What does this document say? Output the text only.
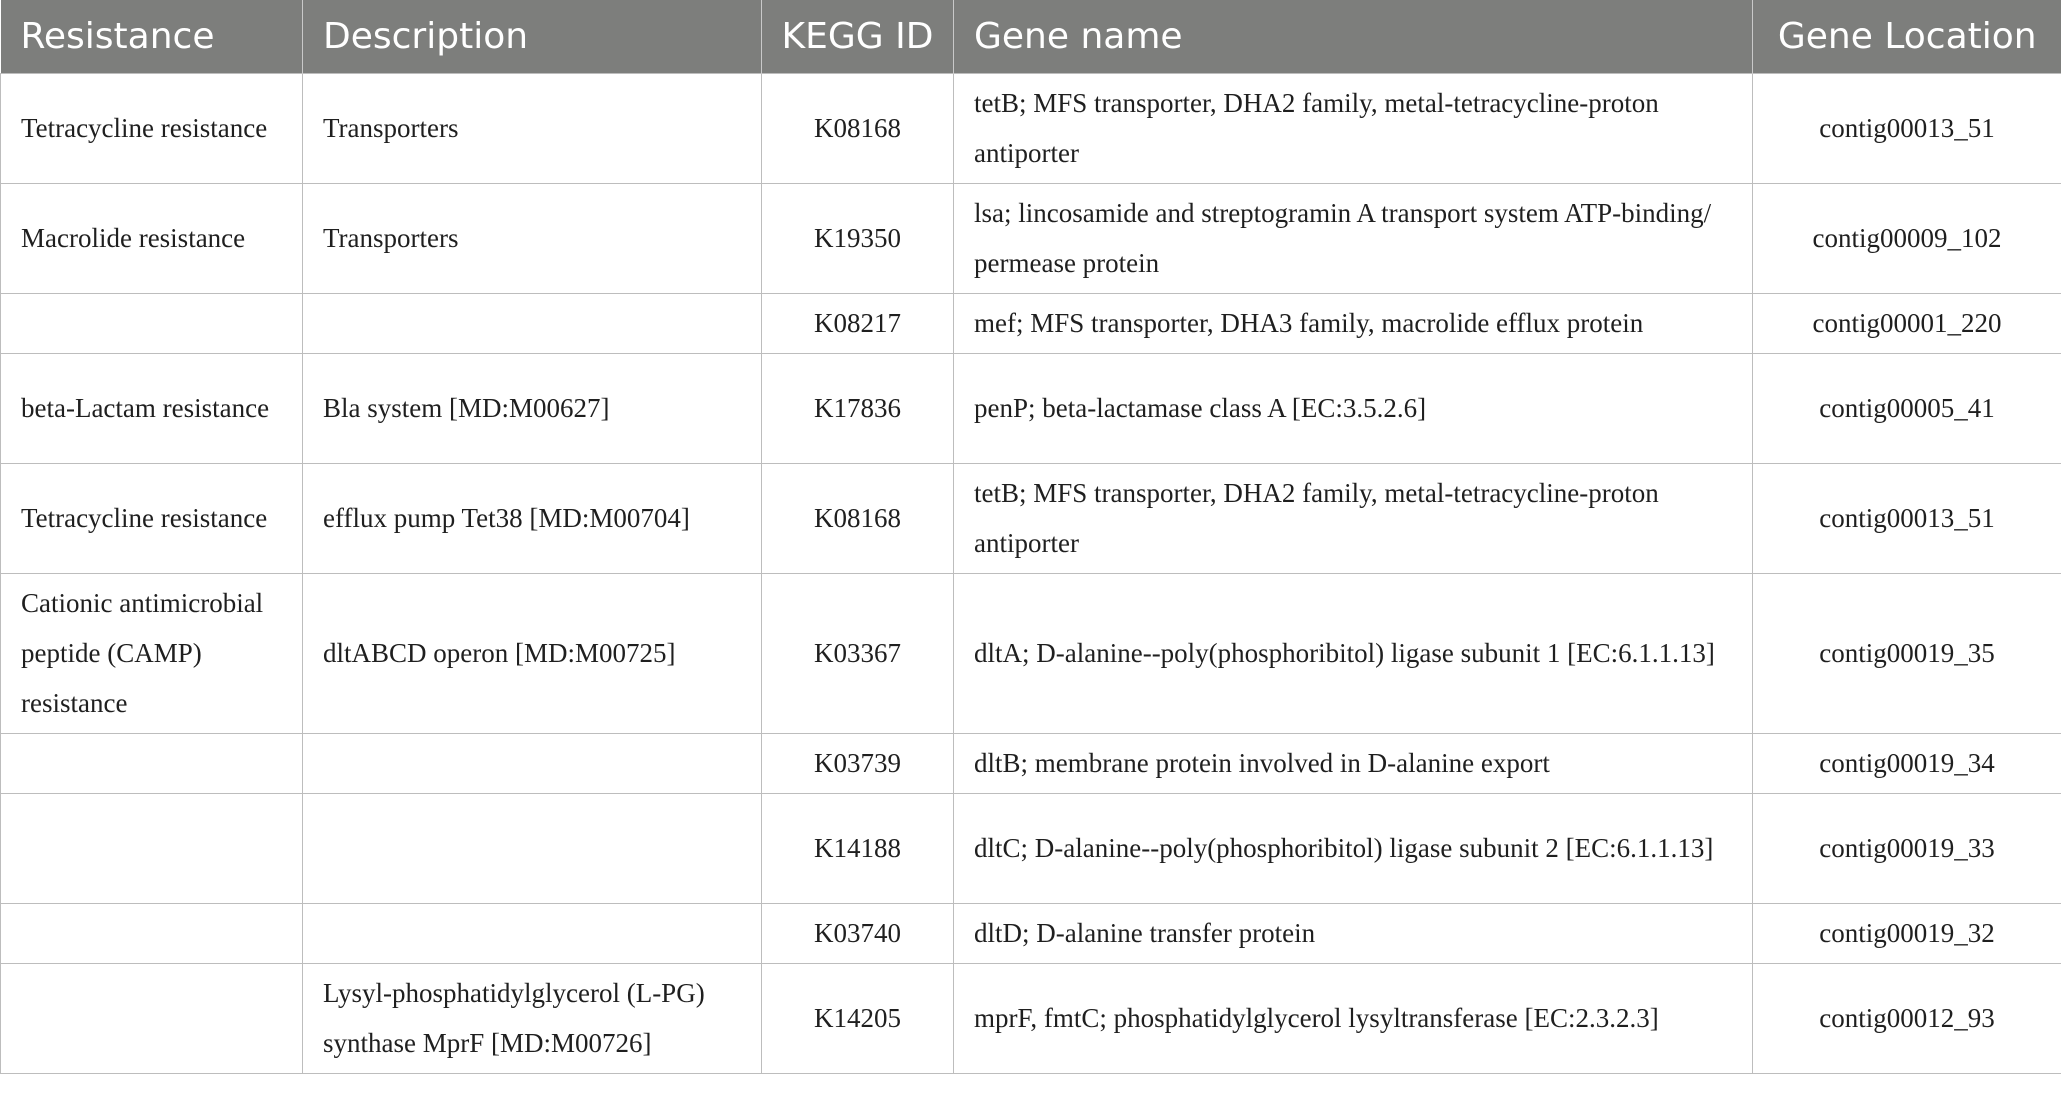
Resistance	Description	KEGG ID	Gene name	Gene Location
Tetracycline resistance	Transporters	K08168	tetB; MFS transporter, DHA2 family, metal-tetracycline-proton antiporter	contig00013_51
Macrolide resistance	Transporters	K19350	lsa; lincosamide and streptogramin A transport system ATP-binding/ permease protein	contig00009_102
		K08217	mef; MFS transporter, DHA3 family, macrolide efflux protein	contig00001_220
beta-Lactam resistance	Bla system [MD:M00627]	K17836	penP; beta-lactamase class A [EC:3.5.2.6]	contig00005_41
Tetracycline resistance	efflux pump Tet38 [MD:M00704]	K08168	tetB; MFS transporter, DHA2 family, metal-tetracycline-proton antiporter	contig00013_51
Cationic antimicrobial peptide (CAMP) resistance	dltABCD operon [MD:M00725]	K03367	dltA; D-alanine--poly(phosphoribitol) ligase subunit 1 [EC:6.1.1.13]	contig00019_35
		K03739	dltB; membrane protein involved in D-alanine export	contig00019_34
		K14188	dltC; D-alanine--poly(phosphoribitol) ligase subunit 2 [EC:6.1.1.13]	contig00019_33
		K03740	dltD; D-alanine transfer protein	contig00019_32
	Lysyl-phosphatidylglycerol (L-PG) synthase MprF [MD:M00726]	K14205	mprF, fmtC; phosphatidylglycerol lysyltransferase [EC:2.3.2.3]	contig00012_93
